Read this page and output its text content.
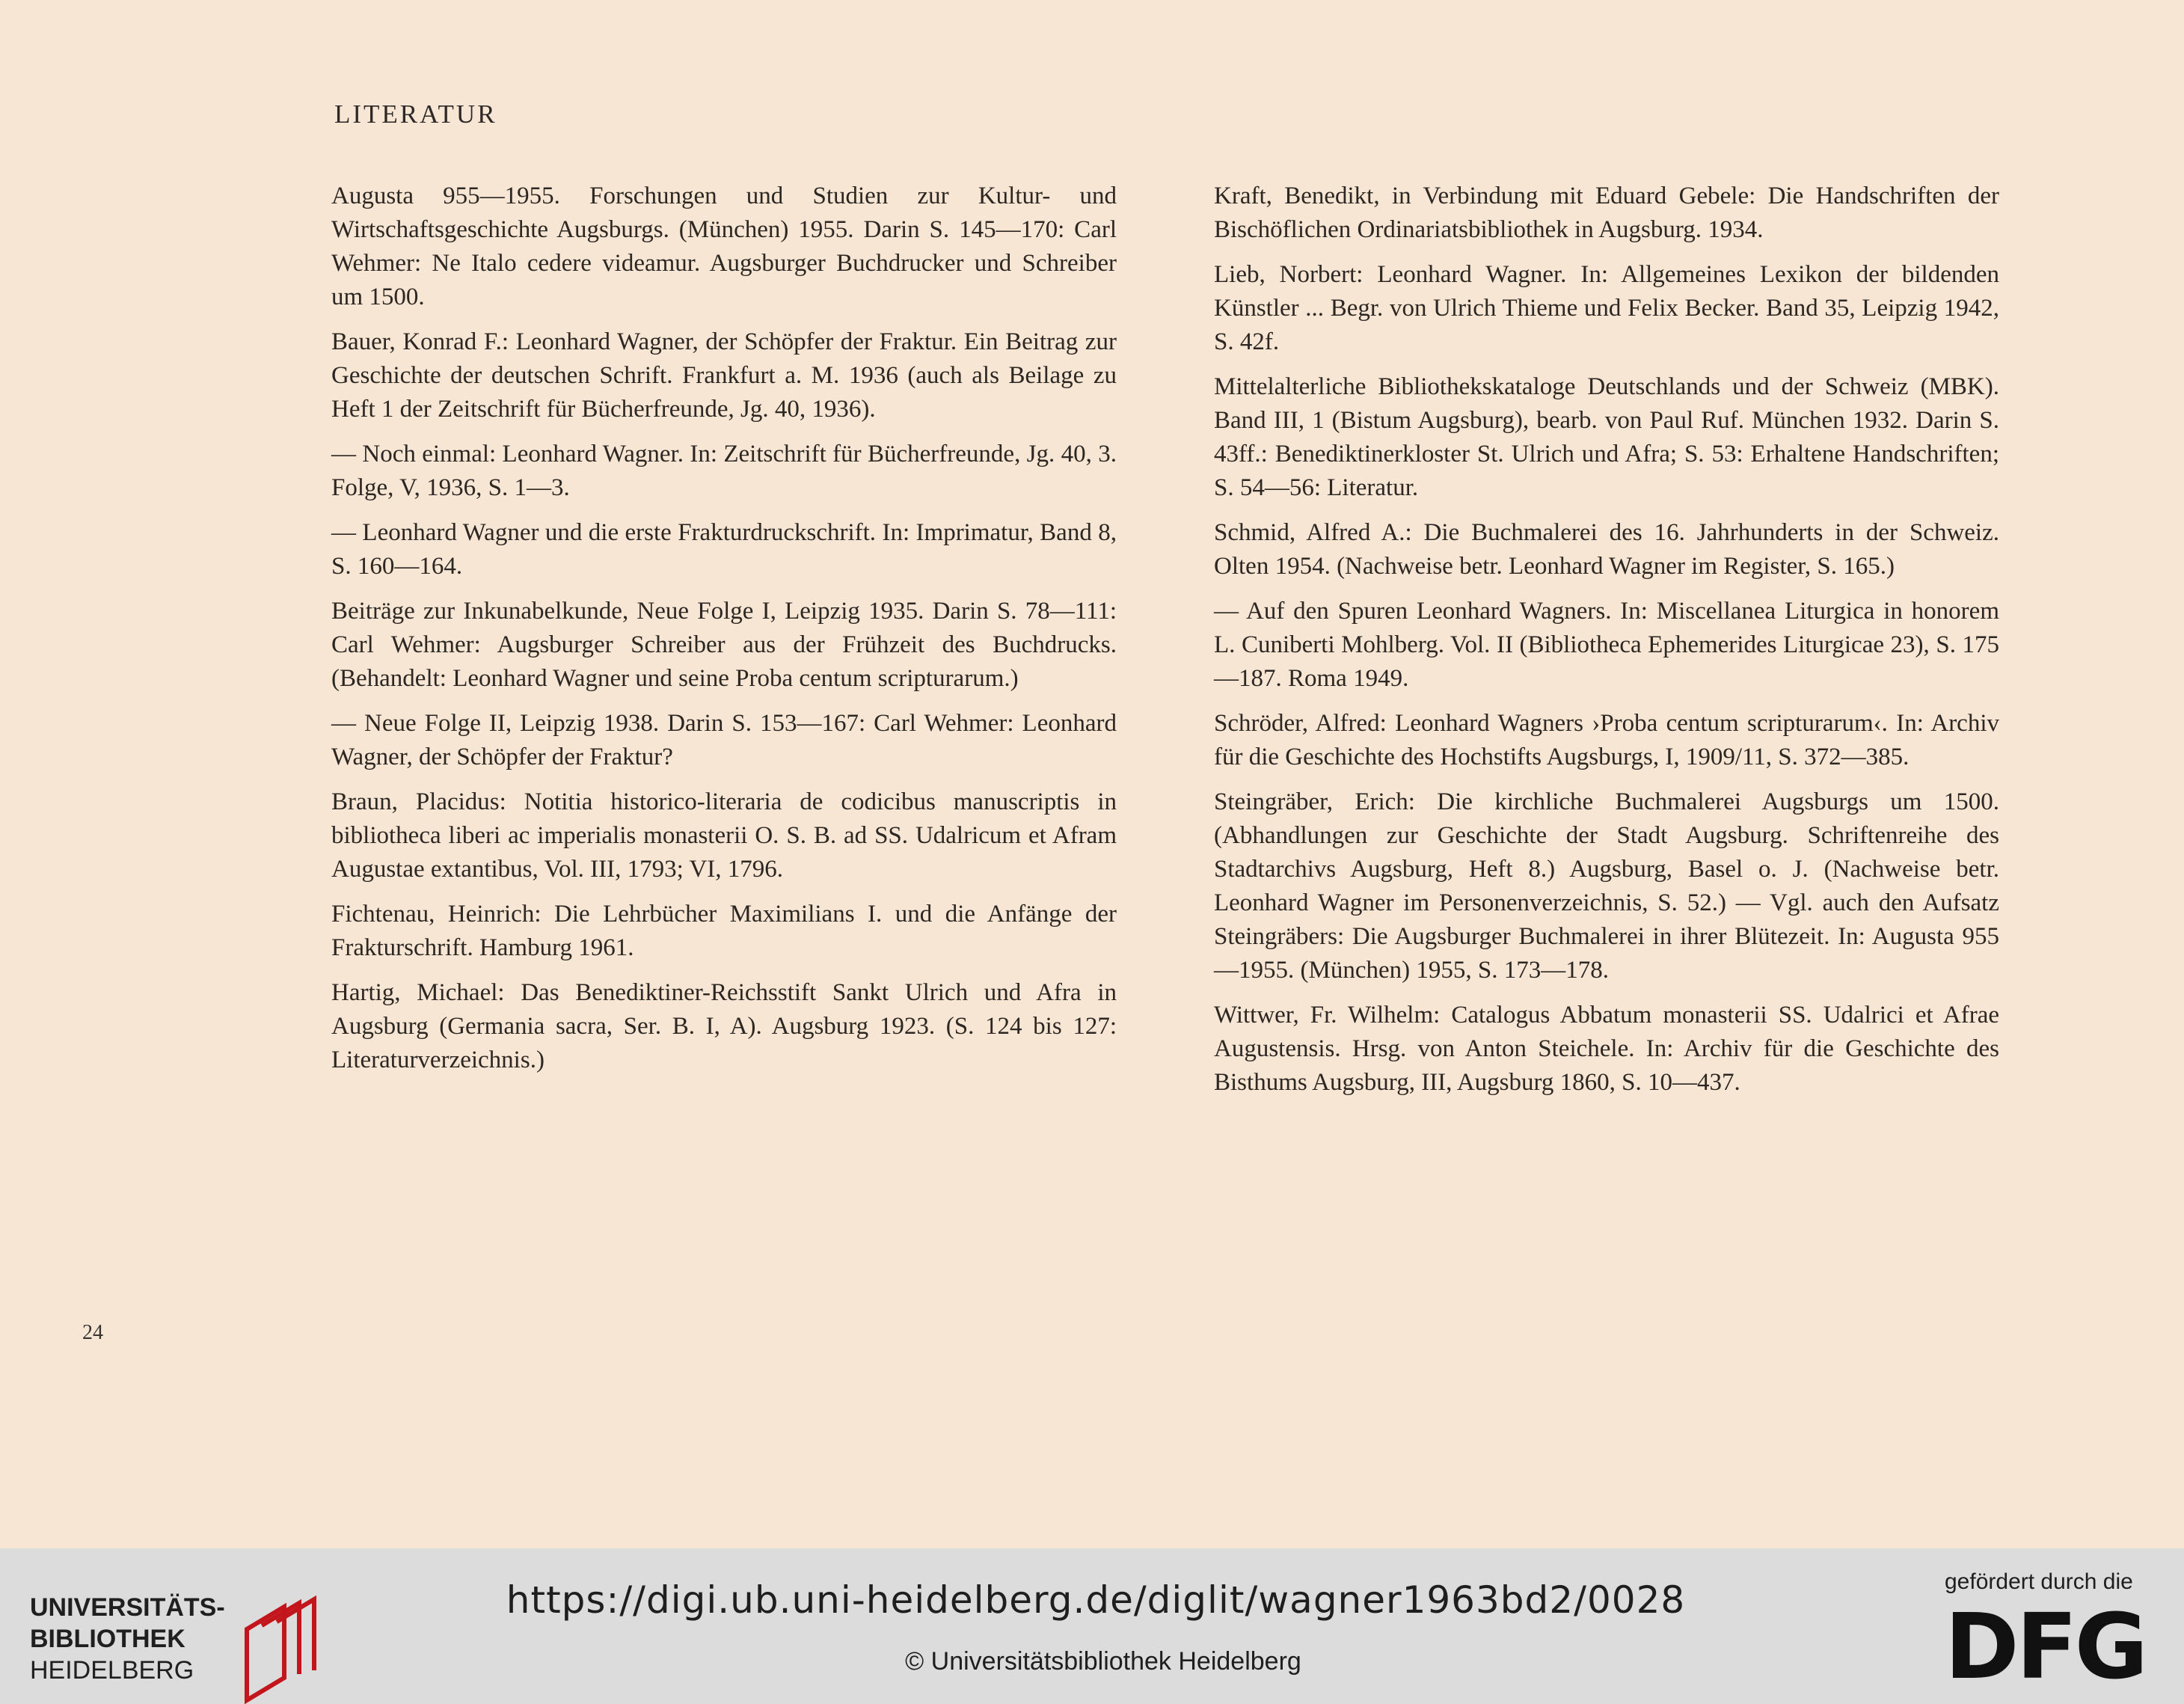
LITERATUR

Augusta 955—1955. Forschungen und Studien zur Kultur- und Wirtschaftsgeschichte Augsburgs. (München) 1955. Darin S. 145—170: Carl Wehmer: Ne Italo cedere videamur. Augsburger Buchdrucker und Schreiber um 1500.

Bauer, Konrad F.: Leonhard Wagner, der Schöpfer der Fraktur. Ein Beitrag zur Geschichte der deutschen Schrift. Frankfurt a. M. 1936 (auch als Beilage zu Heft 1 der Zeitschrift für Bücherfreunde, Jg. 40, 1936).

— Noch einmal: Leonhard Wagner. In: Zeitschrift für Bücherfreunde, Jg. 40, 3. Folge, V, 1936, S. 1—3.

— Leonhard Wagner und die erste Frakturdruckschrift. In: Imprimatur, Band 8, S. 160—164.

Beiträge zur Inkunabelkunde, Neue Folge I, Leipzig 1935. Darin S. 78—111: Carl Wehmer: Augsburger Schreiber aus der Frühzeit des Buchdrucks. (Behandelt: Leonhard Wagner und seine Proba centum scripturarum.)

— Neue Folge II, Leipzig 1938. Darin S. 153—167: Carl Wehmer: Leonhard Wagner, der Schöpfer der Fraktur?

Braun, Placidus: Notitia historico-literaria de codicibus manuscriptis in bibliotheca liberi ac imperialis monasterii O. S. B. ad SS. Udalricum et Afram Augustae extantibus, Vol. III, 1793; VI, 1796.

Fichtenau, Heinrich: Die Lehrbücher Maximilians I. und die Anfänge der Frakturschrift. Hamburg 1961.

Hartig, Michael: Das Benediktiner-Reichsstift Sankt Ulrich und Afra in Augsburg (Germania sacra, Ser. B. I, A). Augsburg 1923. (S. 124 bis 127: Literaturverzeichnis.)

Kraft, Benedikt, in Verbindung mit Eduard Gebele: Die Handschriften der Bischöflichen Ordinariatsbibliothek in Augsburg. 1934.

Lieb, Norbert: Leonhard Wagner. In: Allgemeines Lexikon der bildenden Künstler ... Begr. von Ulrich Thieme und Felix Becker. Band 35, Leipzig 1942, S. 42f.

Mittelalterliche Bibliothekskataloge Deutschlands und der Schweiz (MBK). Band III, 1 (Bistum Augsburg), bearb. von Paul Ruf. München 1932. Darin S. 43ff.: Benediktinerkloster St. Ulrich und Afra; S. 53: Erhaltene Handschriften; S. 54—56: Literatur.

Schmid, Alfred A.: Die Buchmalerei des 16. Jahrhunderts in der Schweiz. Olten 1954. (Nachweise betr. Leonhard Wagner im Register, S. 165.)

— Auf den Spuren Leonhard Wagners. In: Miscellanea Liturgica in honorem L. Cuniberti Mohlberg. Vol. II (Bibliotheca Ephemerides Liturgicae 23), S. 175—187. Roma 1949.

Schröder, Alfred: Leonhard Wagners ›Proba centum scripturarum‹. In: Archiv für die Geschichte des Hochstifts Augsburgs, I, 1909/11, S. 372—385.

Steingräber, Erich: Die kirchliche Buchmalerei Augsburgs um 1500. (Abhandlungen zur Geschichte der Stadt Augsburg. Schriftenreihe des Stadtarchivs Augsburg, Heft 8.) Augsburg, Basel o. J. (Nachweise betr. Leonhard Wagner im Personenverzeichnis, S. 52.) — Vgl. auch den Aufsatz Steingräbers: Die Augsburger Buchmalerei in ihrer Blütezeit. In: Augusta 955—1955. (München) 1955, S. 173—178.

Wittwer, Fr. Wilhelm: Catalogus Abbatum monasterii SS. Udalrici et Afrae Augustensis. Hrsg. von Anton Steichele. In: Archiv für die Geschichte des Bisthums Augsburg, III, Augsburg 1860, S. 10—437.

24
UNIVERSITÄTS-
BIBLIOTHEK
HEIDELBERG
https://digi.ub.uni-heidelberg.de/diglit/wagner1963bd2/0028
© Universitätsbibliothek Heidelberg
gefördert durch die
DFG
